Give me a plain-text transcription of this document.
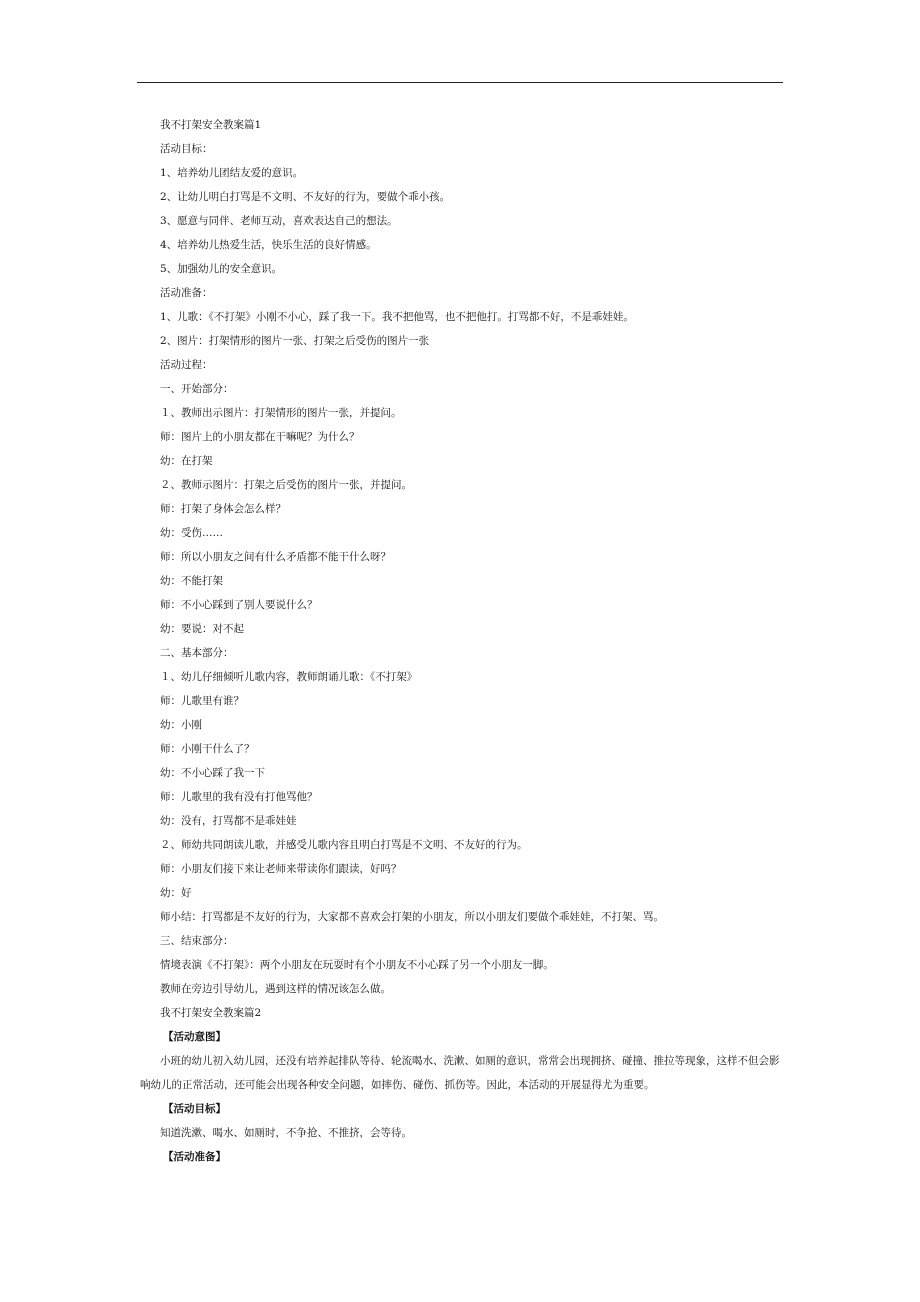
我不打架安全教案篇1
活动目标：
1、培养幼儿团结友爱的意识。
2、让幼儿明白打骂是不文明、不友好的行为，要做个乖小孩。
3、愿意与同伴、老师互动，喜欢表达自己的想法。
4、培养幼儿热爱生活，快乐生活的良好情感。
5、加强幼儿的安全意识。
活动准备：
1、儿歌：《不打架》小刚不小心，踩了我一下。我不把他骂，也不把他打。打骂都不好，不是乖娃娃。
2、图片：打架情形的图片一张、打架之后受伤的图片一张
活动过程：
一、开始部分：
１、教师出示图片：打架情形的图片一张，并提问。
师：图片上的小朋友都在干嘛呢？为什么？
幼：在打架
２、教师示图片：打架之后受伤的图片一张，并提问。
师：打架了身体会怎么样？
幼：受伤……
师：所以小朋友之间有什么矛盾都不能干什么呀？
幼：不能打架
师：不小心踩到了别人要说什么？
幼：要说：对不起
二、基本部分：
１、幼儿仔细倾听儿歌内容，教师朗诵儿歌：《不打架》
师：儿歌里有谁？
幼：小刚
师：小刚干什么了？
幼：不小心踩了我一下
师：儿歌里的我有没有打他骂他？
幼：没有，打骂都不是乖娃娃
２、师幼共同朗读儿歌，并感受儿歌内容且明白打骂是不文明、不友好的行为。
师：小朋友们接下来让老师来带读你们跟读，好吗？
幼：好
师小结：打骂都是不友好的行为，大家都不喜欢会打架的小朋友，所以小朋友们要做个乖娃娃，不打架、骂。
三、结束部分：
情境表演《不打架》：两个小朋友在玩耍时有个小朋友不小心踩了另一个小朋友一脚。
教师在旁边引导幼儿，遇到这样的情况该怎么做。
我不打架安全教案篇2
【活动意图】
小班的幼儿初入幼儿园，还没有培养起排队等待、轮流喝水、洗漱、如厕的意识，常常会出现拥挤、碰撞、推拉等现象，这样不但会影响幼儿的正常活动，还可能会出现各种安全问题，如摔伤、碰伤、抓伤等。因此，本活动的开展显得尤为重要。
【活动目标】
知道洗漱、喝水、如厕时，不争抢、不推挤，会等待。
【活动准备】
